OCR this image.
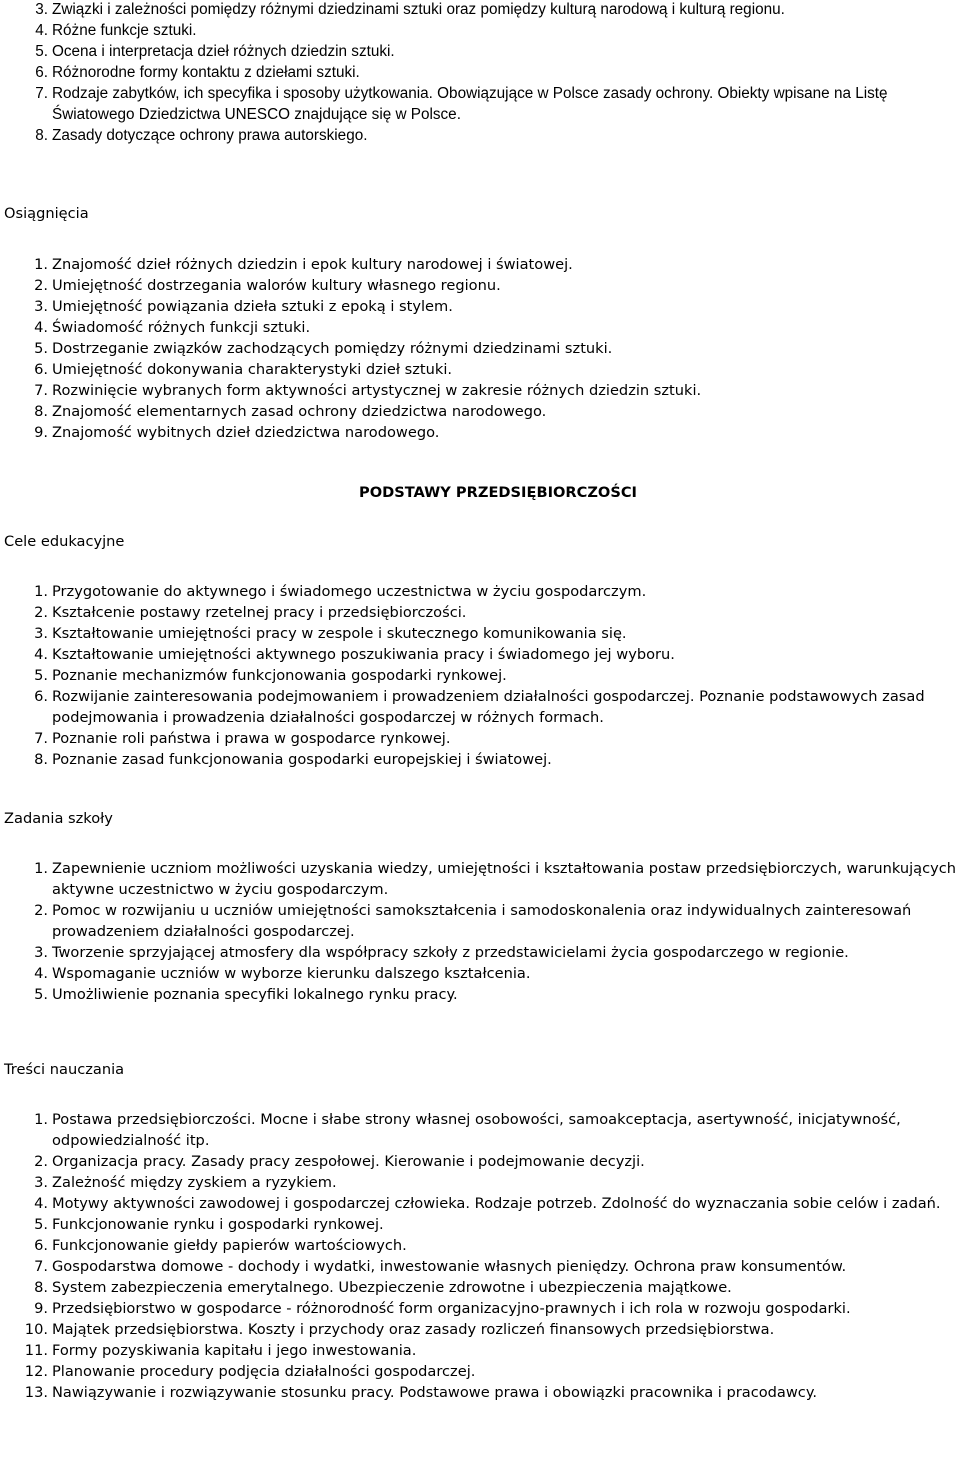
3. Związki i zależności pomiędzy różnymi dziedzinami sztuki oraz pomiędzy kulturą narodową i kulturą regionu.
4. Różne funkcje sztuki.
5. Ocena i interpretacja dzieł różnych dziedzin sztuki.
6. Różnorodne formy kontaktu z dziełami sztuki.
7. Rodzaje zabytków, ich specyfika i sposoby użytkowania. Obowiązujące w Polsce zasady ochrony. Obiekty wpisane na Listę Światowego Dziedzictwa UNESCO znajdujące się w Polsce.
8. Zasady dotyczące ochrony prawa autorskiego.
Osiągnięcia
1. Znajomość dzieł różnych dziedzin i epok kultury narodowej i światowej.
2. Umiejętność dostrzegania walorów kultury własnego regionu.
3. Umiejętność powiązania dzieła sztuki z epoką i stylem.
4. Świadomość różnych funkcji sztuki.
5. Dostrzeganie związków zachodzących pomiędzy różnymi dziedzinami sztuki.
6. Umiejętność dokonywania charakterystyki dzieł sztuki.
7. Rozwinięcie wybranych form aktywności artystycznej w zakresie różnych dziedzin sztuki.
8. Znajomość elementarnych zasad ochrony dziedzictwa narodowego.
9. Znajomość wybitnych dzieł dziedzictwa narodowego.
PODSTAWY PRZEDSIĘBIORCZOŚCI
Cele edukacyjne
1. Przygotowanie do aktywnego i świadomego uczestnictwa w życiu gospodarczym.
2. Kształcenie postawy rzetelnej pracy i przedsiębiorczości.
3. Kształtowanie umiejętności pracy w zespole i skutecznego komunikowania się.
4. Kształtowanie umiejętności aktywnego poszukiwania pracy i świadomego jej wyboru.
5. Poznanie mechanizmów funkcjonowania gospodarki rynkowej.
6. Rozwijanie zainteresowania podejmowaniem i prowadzeniem działalności gospodarczej. Poznanie podstawowych zasad podejmowania i prowadzenia działalności gospodarczej w różnych formach.
7. Poznanie roli państwa i prawa w gospodarce rynkowej.
8. Poznanie zasad funkcjonowania gospodarki europejskiej i światowej.
Zadania szkoły
1. Zapewnienie uczniom możliwości uzyskania wiedzy, umiejętności i kształtowania postaw przedsiębiorczych, warunkujących aktywne uczestnictwo w życiu gospodarczym.
2. Pomoc w rozwijaniu u uczniów umiejętności samokształcenia i samodoskonalenia oraz indywidualnych zainteresowań prowadzeniem działalności gospodarczej.
3. Tworzenie sprzyjającej atmosfery dla współpracy szkoły z przedstawicielami życia gospodarczego w regionie.
4. Wspomaganie uczniów w wyborze kierunku dalszego kształcenia.
5. Umożliwienie poznania specyfiki lokalnego rynku pracy.
Treści nauczania
1. Postawa przedsiębiorczości. Mocne i słabe strony własnej osobowości, samoakceptacja, asertywność, inicjatywność, odpowiedzialność itp.
2. Organizacja pracy. Zasady pracy zespołowej. Kierowanie i podejmowanie decyzji.
3. Zależność między zyskiem a ryzykiem.
4. Motywy aktywności zawodowej i gospodarczej człowieka. Rodzaje potrzeb. Zdolność do wyznaczania sobie celów i zadań.
5. Funkcjonowanie rynku i gospodarki rynkowej.
6. Funkcjonowanie giełdy papierów wartościowych.
7. Gospodarstwa domowe - dochody i wydatki, inwestowanie własnych pieniędzy. Ochrona praw konsumentów.
8. System zabezpieczenia emerytalnego. Ubezpieczenie zdrowotne i ubezpieczenia majątkowe.
9. Przedsiębiorstwo w gospodarce - różnorodność form organizacyjno-prawnych i ich rola w rozwoju gospodarki.
10. Majątek przedsiębiorstwa. Koszty i przychody oraz zasady rozliczeń finansowych przedsiębiorstwa.
11. Formy pozyskiwania kapitału i jego inwestowania.
12. Planowanie procedury podjęcia działalności gospodarczej.
13. Nawiązywanie i rozwiązywanie stosunku pracy. Podstawowe prawa i obowiązki pracownika i pracodawcy.
